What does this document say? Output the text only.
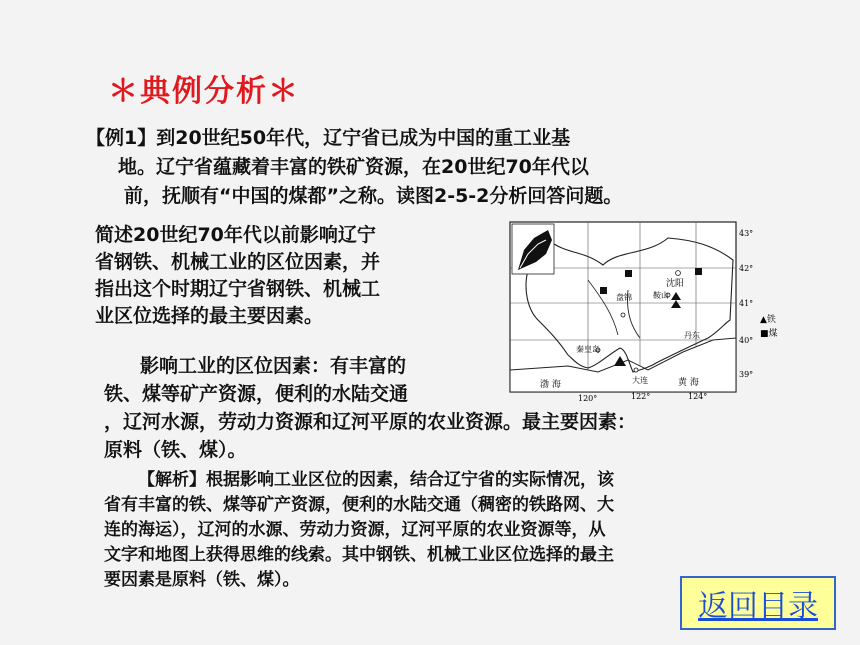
＊典例分析＊
【例1】到20世纪50年代，辽宁省已成为中国的重工业基
地。辽宁省蕴藏着丰富的铁矿资源，在20世纪70年代以
前，抚顺有“中国的煤都”之称。读图2-5-2分析回答问题。
简述20世纪70年代以前影响辽宁
省钢铁、机械工业的区位因素，并
指出这个时期辽宁省钢铁、机械工
业区位选择的最主要因素。
沈阳
鞍山
盘锦
丹东
秦皇岛
大连
渤 海	黄 海
43°
42°
41°
40°
39°
120°	122°	124°
▲铁
■煤
影响工业的区位因素：有丰富的
铁、煤等矿产资源，便利的水陆交通
，辽河水源，劳动力资源和辽河平原的农业资源。最主要因素：
原料（铁、煤）。
【解析】根据影响工业区位的因素，结合辽宁省的实际情况，该
省有丰富的铁、煤等矿产资源，便利的水陆交通（稠密的铁路网、大
连的海运），辽河的水源、劳动力资源，辽河平原的农业资源等，从
文字和地图上获得思维的线索。其中钢铁、机械工业区位选择的最主
要因素是原料（铁、煤）。
返回目录
